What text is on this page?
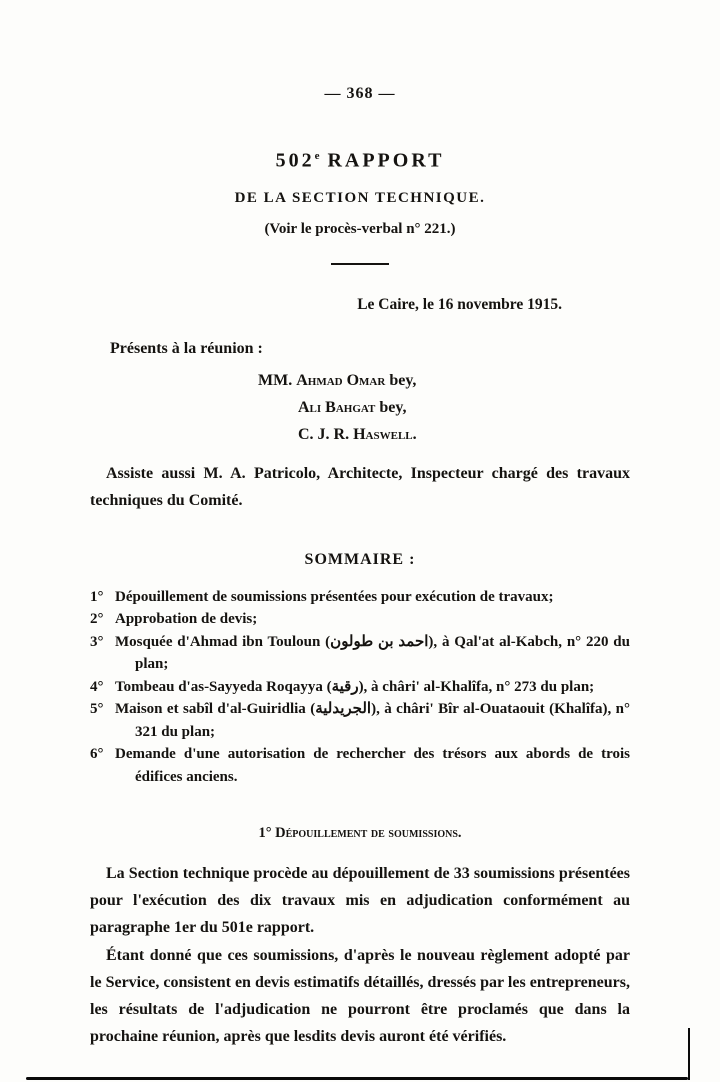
— 368 —
502e RAPPORT
DE LA SECTION TECHNIQUE.
(Voir le procès-verbal n° 221.)
Le Caire, le 16 novembre 1915.
Présents à la réunion :
MM. Ahmad Omar bey,
Ali Bahgat bey,
C. J. R. Haswell.

Assiste aussi M. A. Patricolo, Architecte, Inspecteur chargé des travaux techniques du Comité.

SOMMAIRE :
1° Dépouillement de soumissions présentées pour exécution de travaux;
2° Approbation de devis;
3° Mosquée d'Ahmad ibn Touloun (احمد بن طولون), à Qal'at al-Kabch, n° 220 du plan;
4° Tombeau d'as-Sayyeda Roqayya (رقية), à châri' al-Khalîfa, n° 273 du plan;
5° Maison et sabîl d'al-Guiridlia (الجريدلية), à châri' Bîr al-Ouataouit (Khalîfa), n° 321 du plan;
6° Demande d'une autorisation de rechercher des trésors aux abords de trois édifices anciens.
1° Dépouillement de soumissions.

La Section technique procède au dépouillement de 33 soumissions présentées pour l'exécution des dix travaux mis en adjudication conformément au paragraphe 1er du 501e rapport.

Étant donné que ces soumissions, d'après le nouveau règlement adopté par le Service, consistent en devis estimatifs détaillés, dressés par les entrepreneurs, les résultats de l'adjudication ne pourront être proclamés que dans la prochaine réunion, après que lesdits devis auront été vérifiés.
